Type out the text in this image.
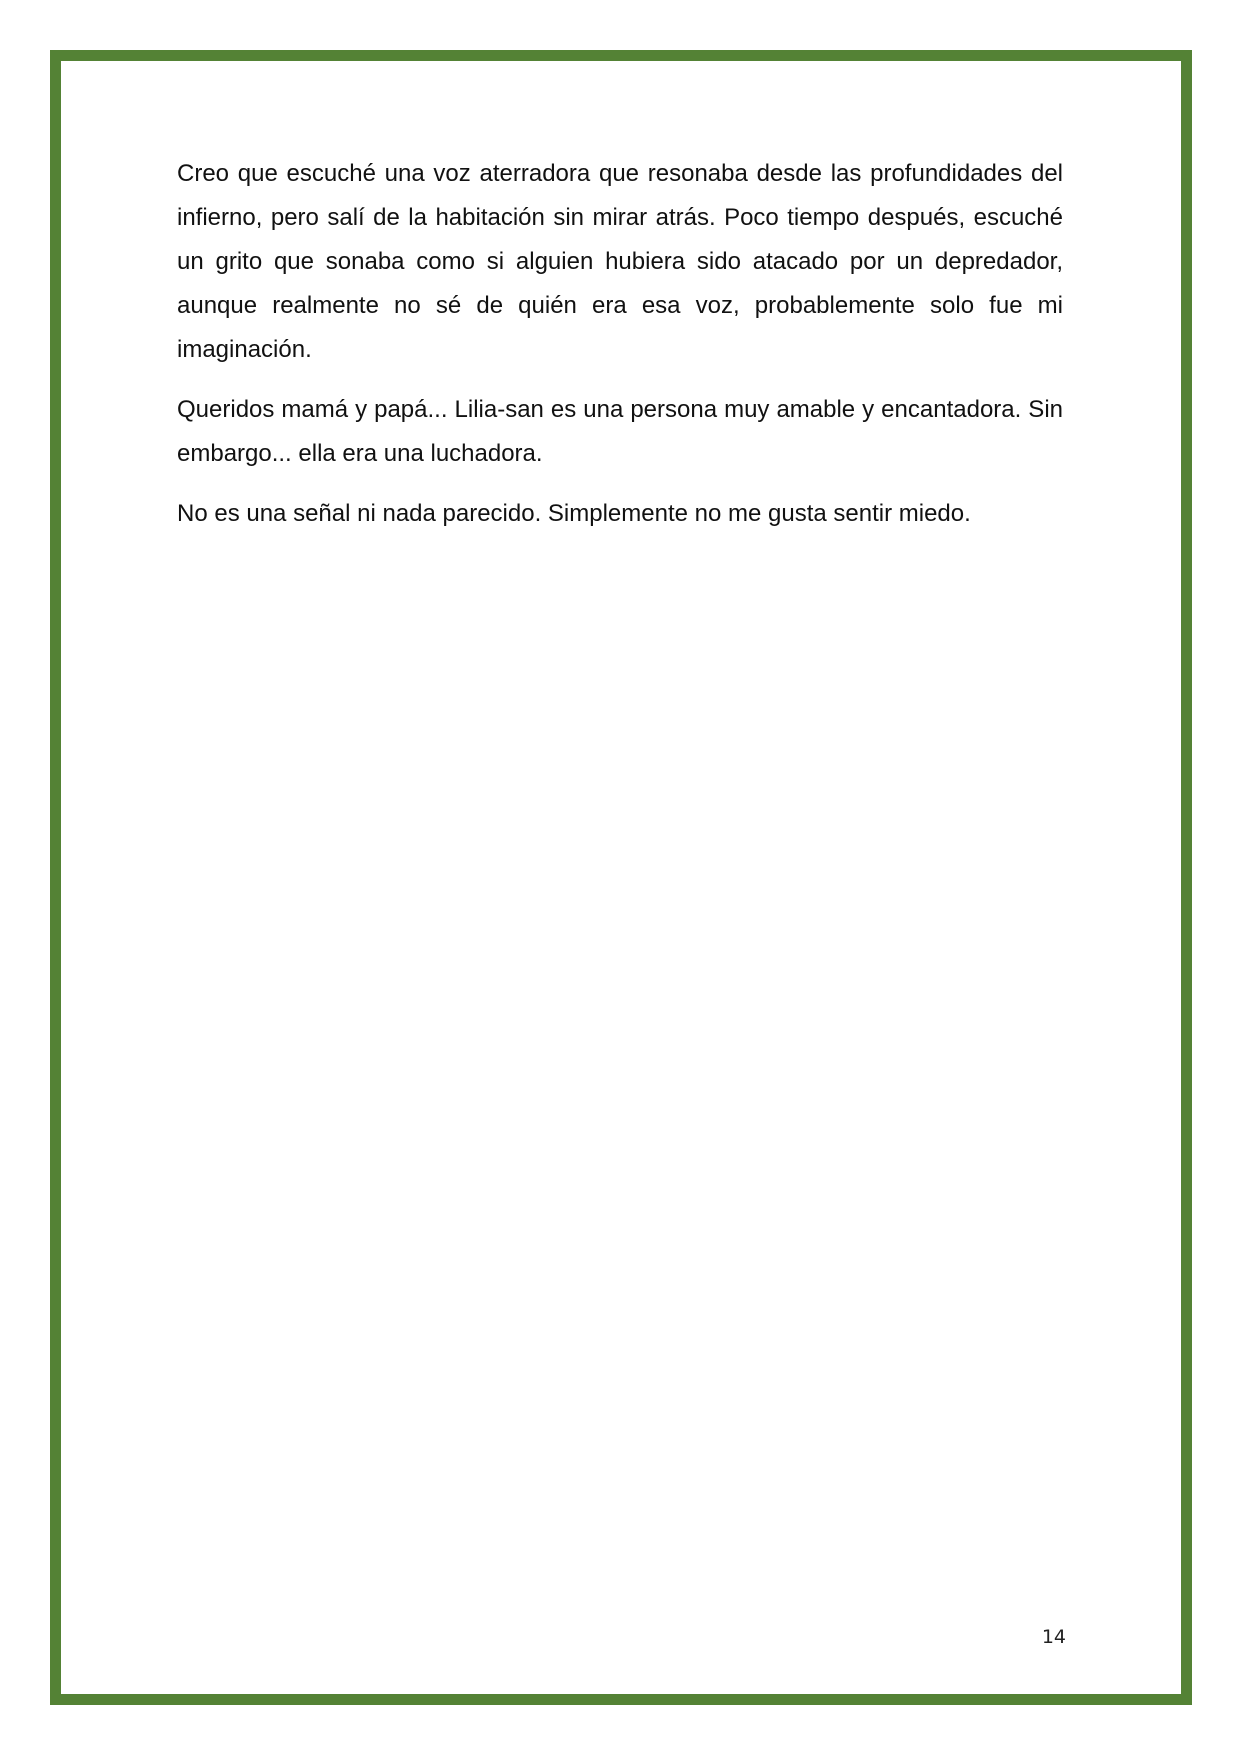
Creo que escuché una voz aterradora que resonaba desde las profundidades del infierno, pero salí de la habitación sin mirar atrás. Poco tiempo después, escuché un grito que sonaba como si alguien hubiera sido atacado por un depredador, aunque realmente no sé de quién era esa voz, probablemente solo fue mi imaginación.

Queridos mamá y papá... Lilia-san es una persona muy amable y encantadora. Sin embargo... ella era una luchadora.

No es una señal ni nada parecido. Simplemente no me gusta sentir miedo.

14
